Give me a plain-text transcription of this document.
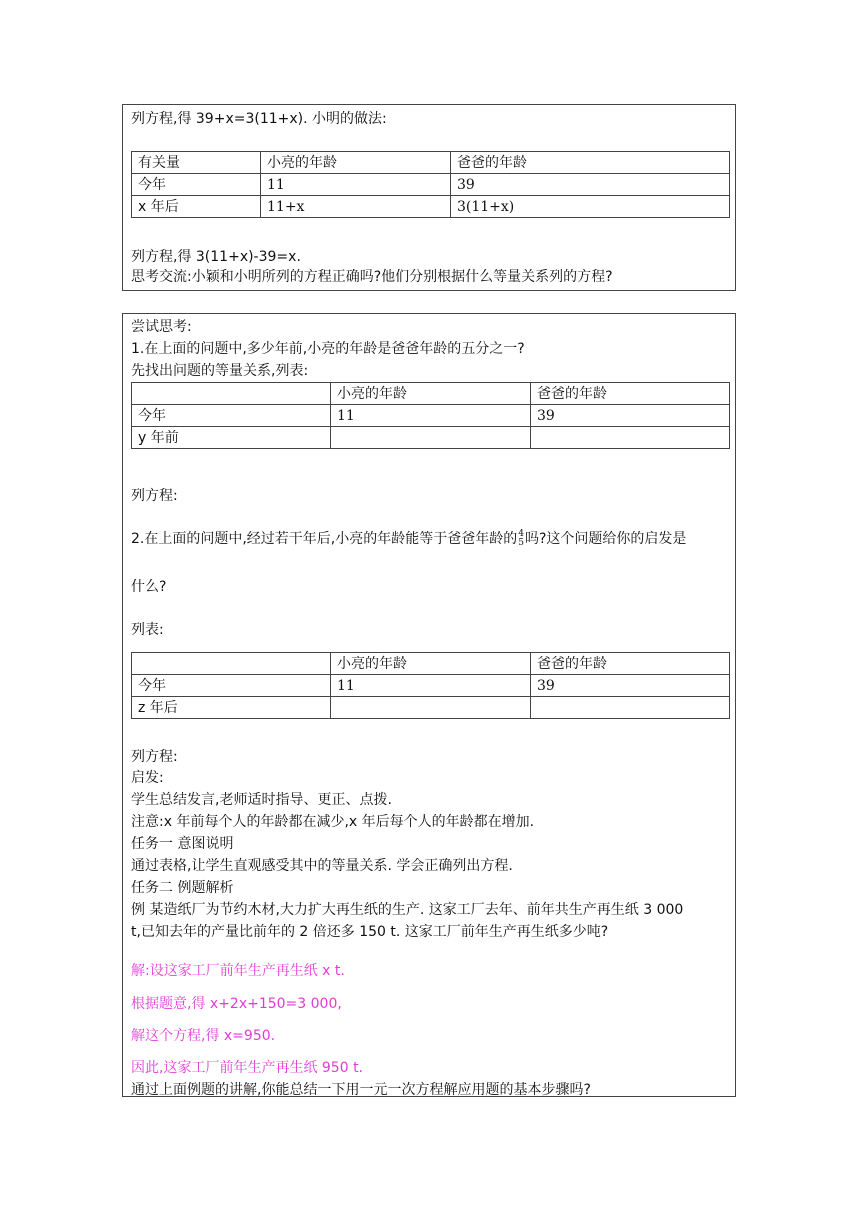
列方程,得 39+x=3(11+x). 小明的做法:
有关量	小亮的年龄	爸爸的年龄
今年	11	39
x 年后	11+x	3(11+x)
列方程,得 3(11+x)-39=x.
思考交流:小颖和小明所列的方程正确吗?他们分别根据什么等量关系列的方程?
尝试思考:
1.在上面的问题中,多少年前,小亮的年龄是爸爸年龄的五分之一?
先找出问题的等量关系,列表:
	小亮的年龄	爸爸的年龄
今年	11	39
y 年前		
列方程:
2.在上面的问题中,经过若干年后,小亮的年龄能等于爸爸年龄的 4
5 吗?这个问题给你的启发是
什么?
列表:
	小亮的年龄	爸爸的年龄
今年	11	39
z 年后		
列方程:
启发:
学生总结发言,老师适时指导、更正、点拨.
注意:x 年前每个人的年龄都在减少,x 年后每个人的年龄都在增加.
任务一 意图说明
通过表格,让学生直观感受其中的等量关系. 学会正确列出方程.
任务二 例题解析
例 某造纸厂为节约木材,大力扩大再生纸的生产. 这家工厂去年、前年共生产再生纸 3 000
t,已知去年的产量比前年的 2 倍还多 150 t. 这家工厂前年生产再生纸多少吨?
解:设这家工厂前年生产再生纸 x t.
根据题意,得 x+2x+150=3 000,
解这个方程,得 x=950.
因此,这家工厂前年生产再生纸 950 t.
通过上面例题的讲解,你能总结一下用一元一次方程解应用题的基本步骤吗?
